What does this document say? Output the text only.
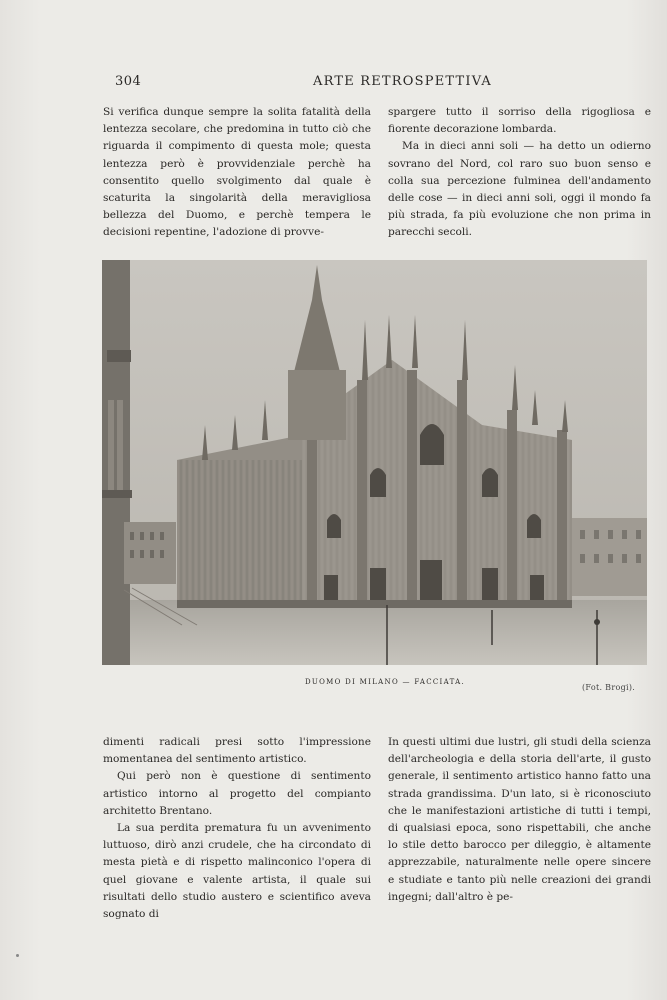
304	ARTE RETROSPETTIVA

Si verifica dunque sempre la solita fatalità della lentezza secolare, che predomina in tutto ciò che riguarda il compimento di questa mole; questa lentezza però è provvidenziale perchè ha consentito quello svolgimento dal quale è scaturita la singolarità della meravigliosa bellezza del Duomo, e perchè tempera le decisioni repentine, l'adozione di provve-

spargere tutto il sorriso della rigogliosa e fiorente decorazione lombarda.

Ma in dieci anni soli — ha detto un odierno sovrano del Nord, col raro suo buon senso e colla sua percezione fulminea dell'andamento delle cose — in dieci anni soli, oggi il mondo fa più strada, fa più evoluzione che non prima in parecchi secoli.

DUOMO DI MILANO — FACCIATA.
(Fot. Brogi).

dimenti radicali presi sotto l'impressione momentanea del sentimento artistico.

Qui però non è questione di sentimento artistico intorno al progetto del compianto architetto Brentano.

La sua perdita prematura fu un avvenimento luttuoso, dirò anzi crudele, che ha circondato di mesta pietà e di rispetto malinconico l'opera di quel giovane e valente artista, il quale sui risultati dello studio austero e scientifico aveva sognato di

In questi ultimi due lustri, gli studi della scienza dell'archeologia e della storia dell'arte, il gusto generale, il sentimento artistico hanno fatto una strada grandissima. D'un lato, si è riconosciuto che le manifestazioni artistiche di tutti i tempi, di qualsiasi epoca, sono rispettabili, che anche lo stile detto barocco per dileggio, è altamente apprezzabile, naturalmente nelle opere sincere e studiate e tanto più nelle creazioni dei grandi ingegni; dall'altro è pe-
